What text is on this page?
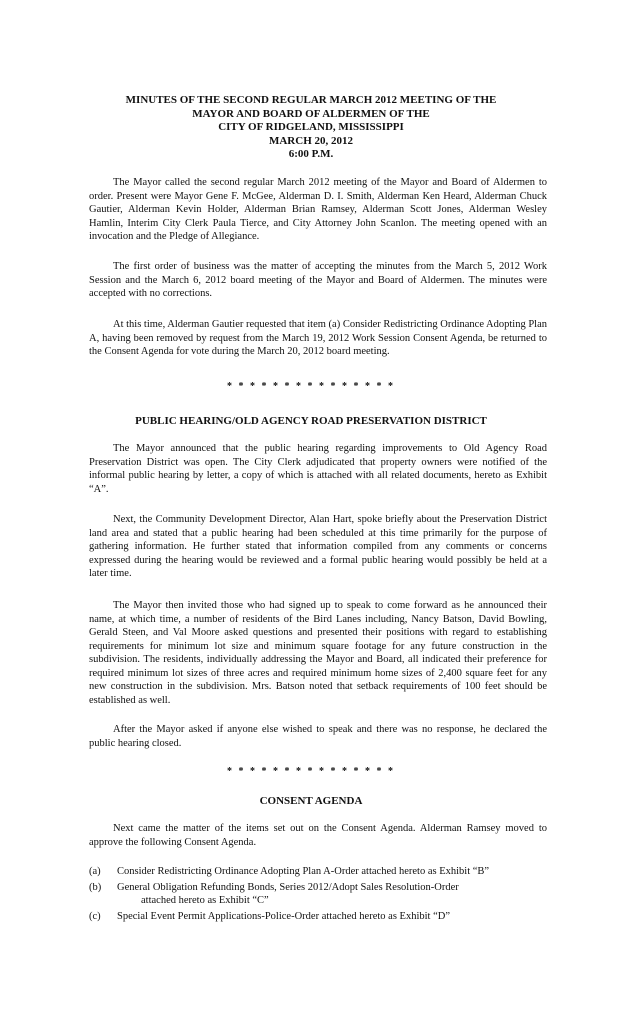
MINUTES OF THE SECOND REGULAR MARCH 2012 MEETING OF THE
MAYOR AND BOARD OF ALDERMEN OF THE
CITY OF RIDGELAND, MISSISSIPPI
MARCH 20, 2012
6:00 P.M.

The Mayor called the second regular March 2012 meeting of the Mayor and Board of Aldermen to order. Present were Mayor Gene F. McGee, Alderman D. I. Smith, Alderman Ken Heard, Alderman Chuck Gautier, Alderman Kevin Holder, Alderman Brian Ramsey, Alderman Scott Jones, Alderman Wesley Hamlin, Interim City Clerk Paula Tierce, and City Attorney John Scanlon. The meeting opened with an invocation and the Pledge of Allegiance.

The first order of business was the matter of accepting the minutes from the March 5, 2012 Work Session and the March 6, 2012 board meeting of the Mayor and Board of Aldermen. The minutes were accepted with no corrections.

At this time, Alderman Gautier requested that item (a) Consider Redistricting Ordinance Adopting Plan A, having been removed by request from the March 19, 2012 Work Session Consent Agenda, be returned to the Consent Agenda for vote during the March 20, 2012 board meeting.

* * * * * * * * * * * * * * *
PUBLIC HEARING/OLD AGENCY ROAD PRESERVATION DISTRICT

The Mayor announced that the public hearing regarding improvements to Old Agency Road Preservation District was open. The City Clerk adjudicated that property owners were notified of the informal public hearing by letter, a copy of which is attached with all related documents, hereto as Exhibit “A”.

Next, the Community Development Director, Alan Hart, spoke briefly about the Preservation District land area and stated that a public hearing had been scheduled at this time primarily for the purpose of gathering information. He further stated that information compiled from any comments or concerns expressed during the hearing would be reviewed and a formal public hearing would possibly be held at a later time.

The Mayor then invited those who had signed up to speak to come forward as he announced their name, at which time, a number of residents of the Bird Lanes including, Nancy Batson, David Bowling, Gerald Steen, and Val Moore asked questions and presented their positions with regard to establishing requirements for minimum lot size and minimum square footage for any future construction in the subdivision. The residents, individually addressing the Mayor and Board, all indicated their preference for required minimum lot sizes of three acres and required minimum home sizes of 2,400 square feet for any new construction in the subdivision. Mrs. Batson noted that setback requirements of 100 feet should be established as well.

After the Mayor asked if anyone else wished to speak and there was no response, he declared the public hearing closed.

* * * * * * * * * * * * * * *
CONSENT AGENDA

Next came the matter of the items set out on the Consent Agenda. Alderman Ramsey moved to approve the following Consent Agenda.

(a) Consider Redistricting Ordinance Adopting Plan A-Order attached hereto as Exhibit “B”
(b) General Obligation Refunding Bonds, Series 2012/Adopt Sales Resolution-Order
attached hereto as Exhibit “C”
(c) Special Event Permit Applications-Police-Order attached hereto as Exhibit “D”
